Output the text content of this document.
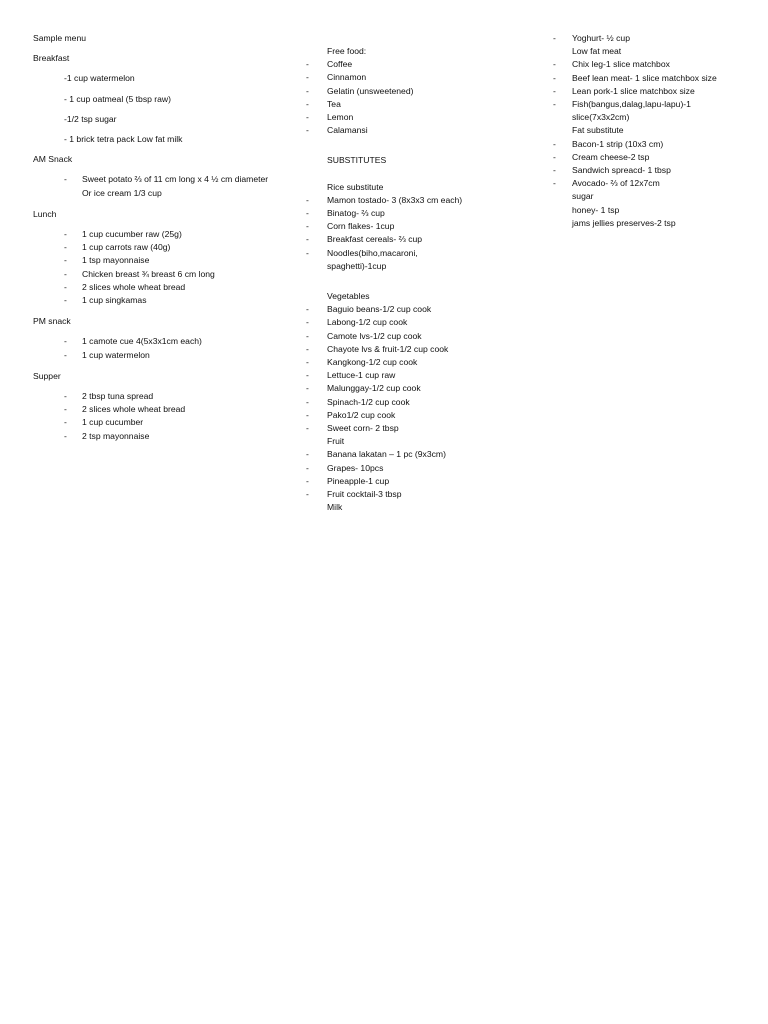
Sample menu
Breakfast
-1 cup watermelon
- 1 cup oatmeal (5 tbsp raw)
-1/2 tsp sugar
- 1 brick tetra pack Low fat milk
AM Snack
-	Sweet potato ⅔ of 11 cm long x 4 ½ cm diameter
Or ice cream 1/3 cup
Lunch
-	1 cup cucumber raw (25g)
-	1 cup carrots raw (40g)
-	1 tsp mayonnaise
-	Chicken breast ¾ breast 6 cm long
-	2 slices whole wheat bread
-	1 cup singkamas
PM snack
-	1 camote cue 4(5x3x1cm each)
-	1 cup watermelon
Supper
-	2 tbsp tuna spread
-	2 slices whole wheat bread
-	1 cup cucumber
-	2 tsp mayonnaise
Free food:
-	Coffee
-	Cinnamon
-	Gelatin (unsweetened)
-	Tea
-	Lemon
-	Calamansi
SUBSTITUTES
Rice substitute
-	Mamon tostado- 3 (8x3x3 cm each)
-	Binatog- ⅔ cup
-	Corn flakes- 1cup
-	Breakfast cereals- ⅔ cup
-	Noodles(biho,macaroni, spaghetti)-1cup
Vegetables
-	Baguio beans-1/2 cup cook
-	Labong-1/2 cup cook
-	Camote lvs-1/2 cup cook
-	Chayote lvs & fruit-1/2 cup cook
-	Kangkong-1/2 cup cook
-	Lettuce-1 cup raw
-	Malunggay-1/2 cup cook
-	Spinach-1/2 cup cook
-	Pako1/2 cup cook
-	Sweet corn- 2 tbsp
Fruit
-	Banana lakatan – 1 pc (9x3cm)
-	Grapes- 10pcs
-	Pineapple-1 cup
-	Fruit cocktail-3 tbsp
Milk
-	Yoghurt- ½ cup
Low fat meat
-	Chix leg-1 slice matchbox
-	Beef lean meat- 1 slice matchbox size
-	Lean pork-1 slice matchbox size
-	Fish(bangus,dalag,lapu-lapu)-1 slice(7x3x2cm)
Fat substitute
-	Bacon-1 strip (10x3 cm)
-	Cream cheese-2 tsp
-	Sandwich spreacd- 1 tbsp
-	Avocado- ⅔ of 12x7cm
sugar
honey- 1 tsp
jams jellies preserves-2 tsp
